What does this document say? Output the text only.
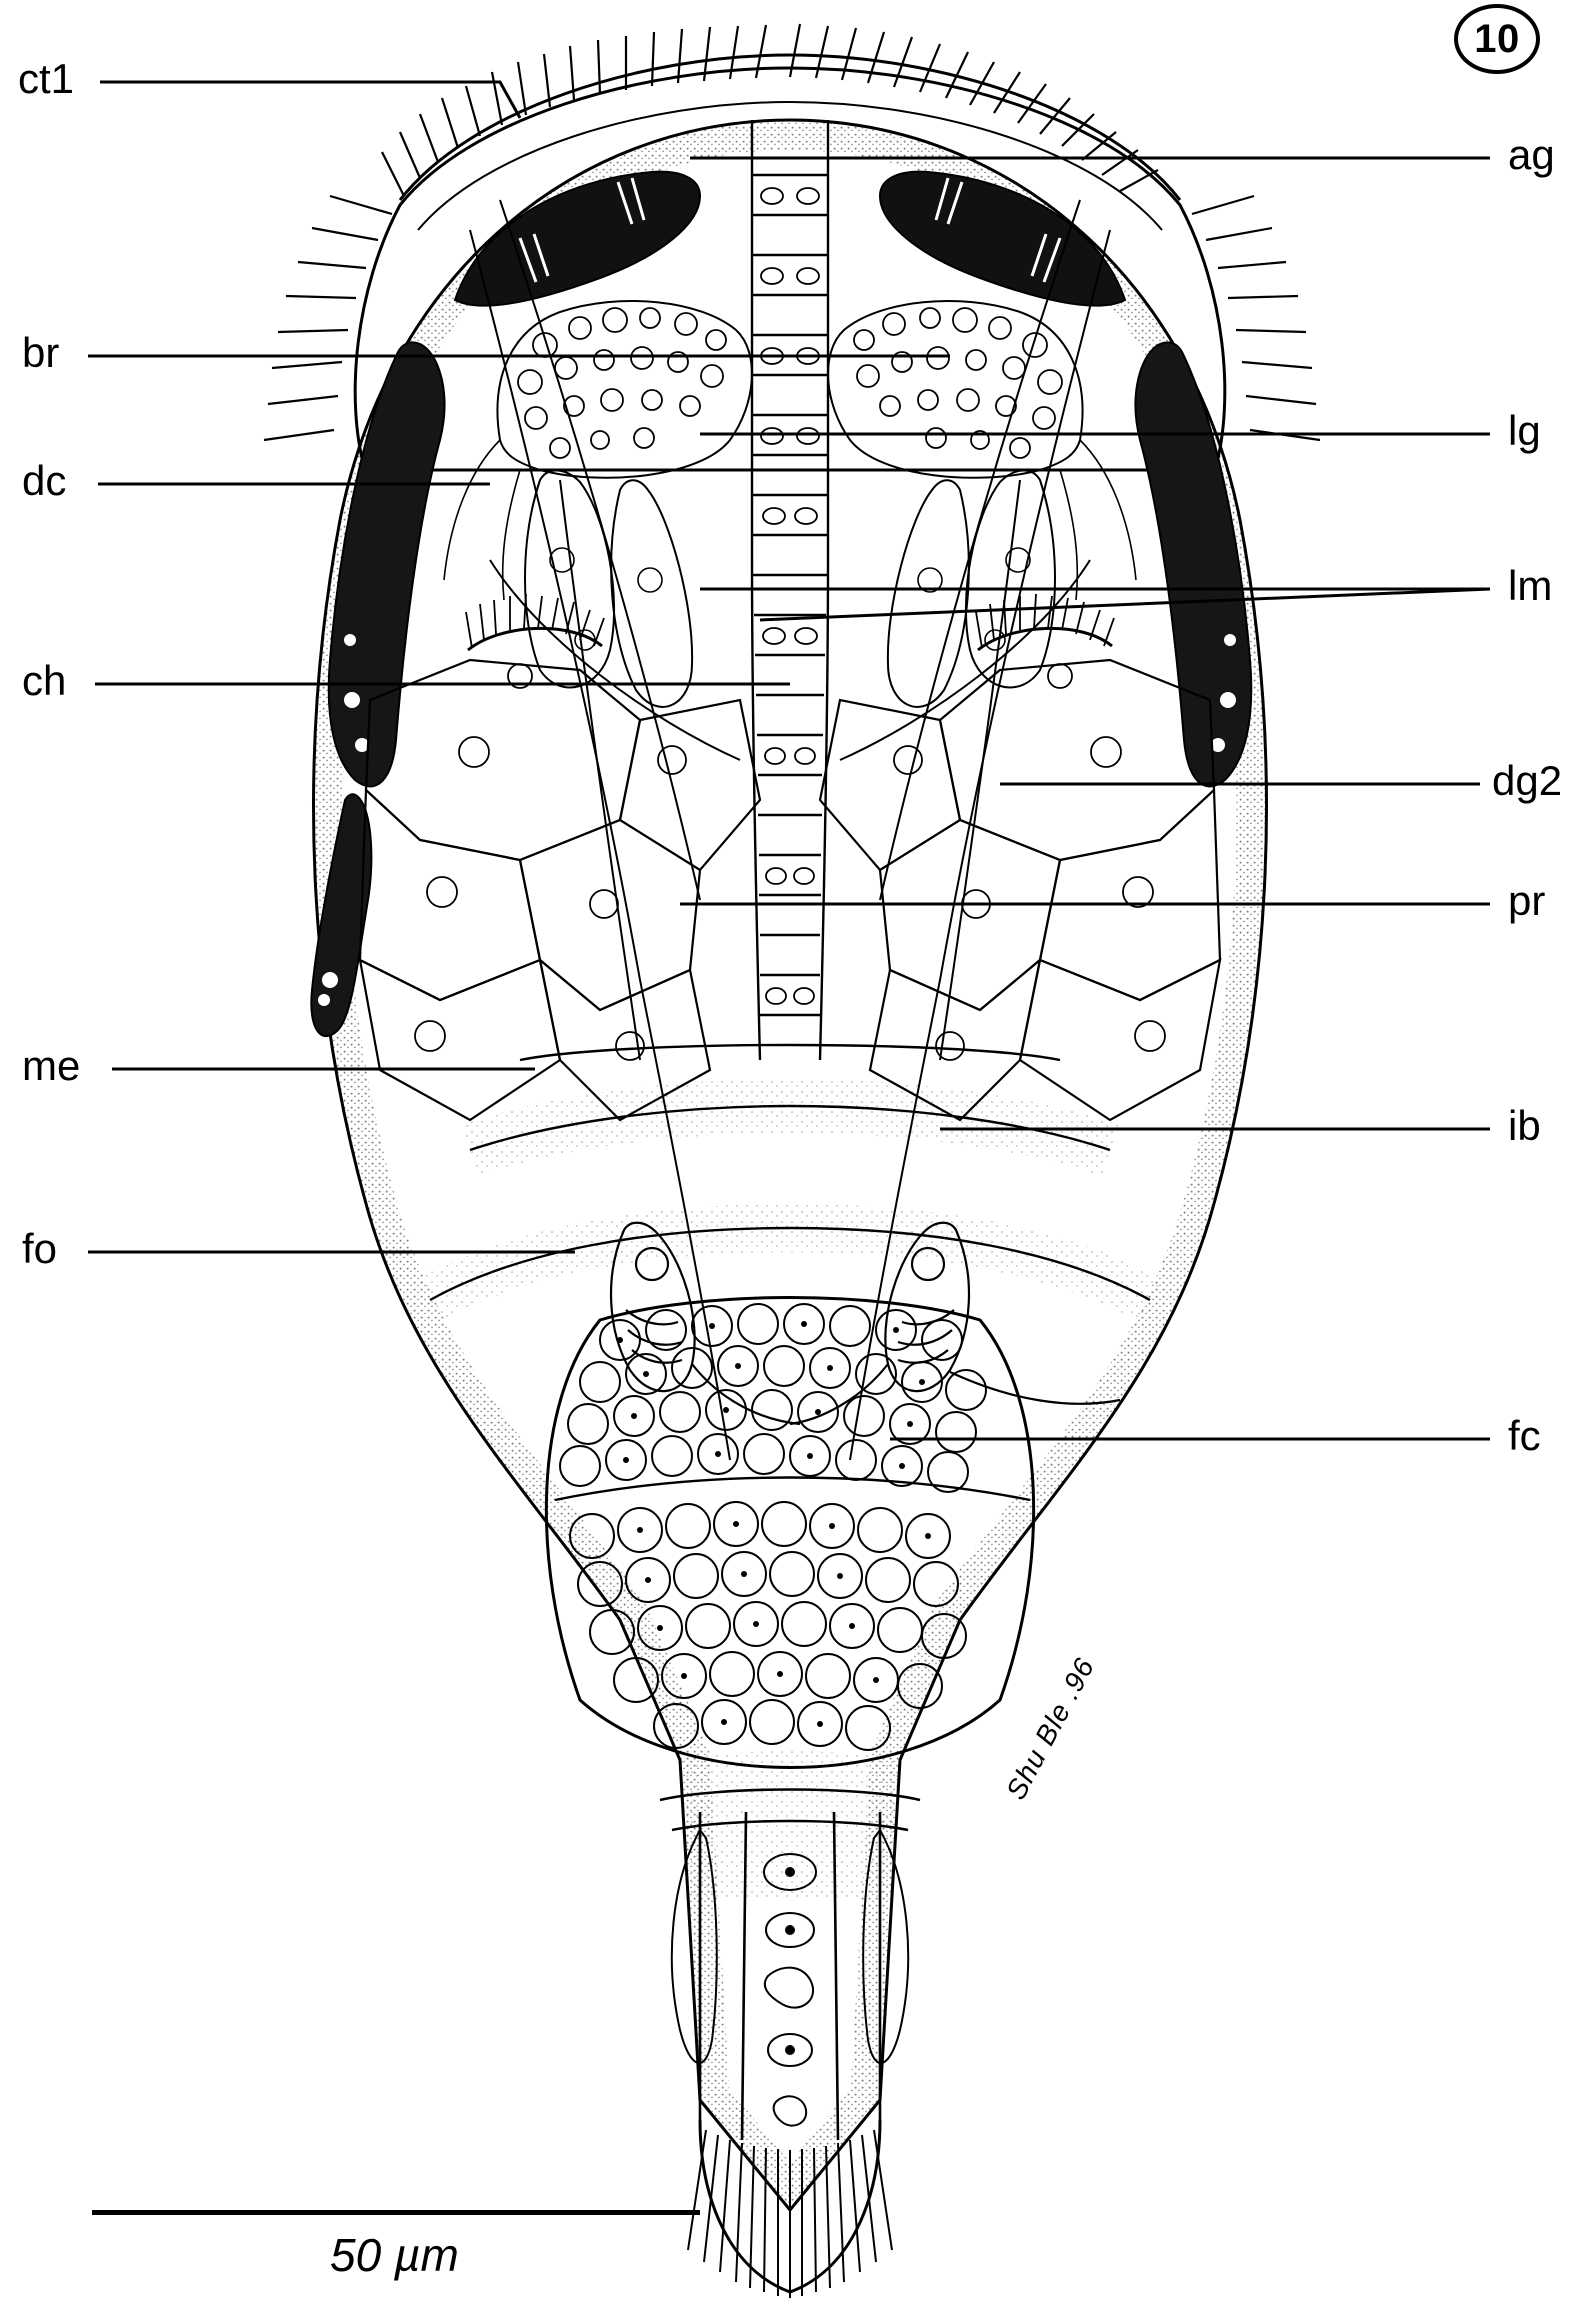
10
Shu Ble .96
ct1
br
dc
ch
me
fo
ag
lg
lm
dg2
pr
ib
fc
50 µm
